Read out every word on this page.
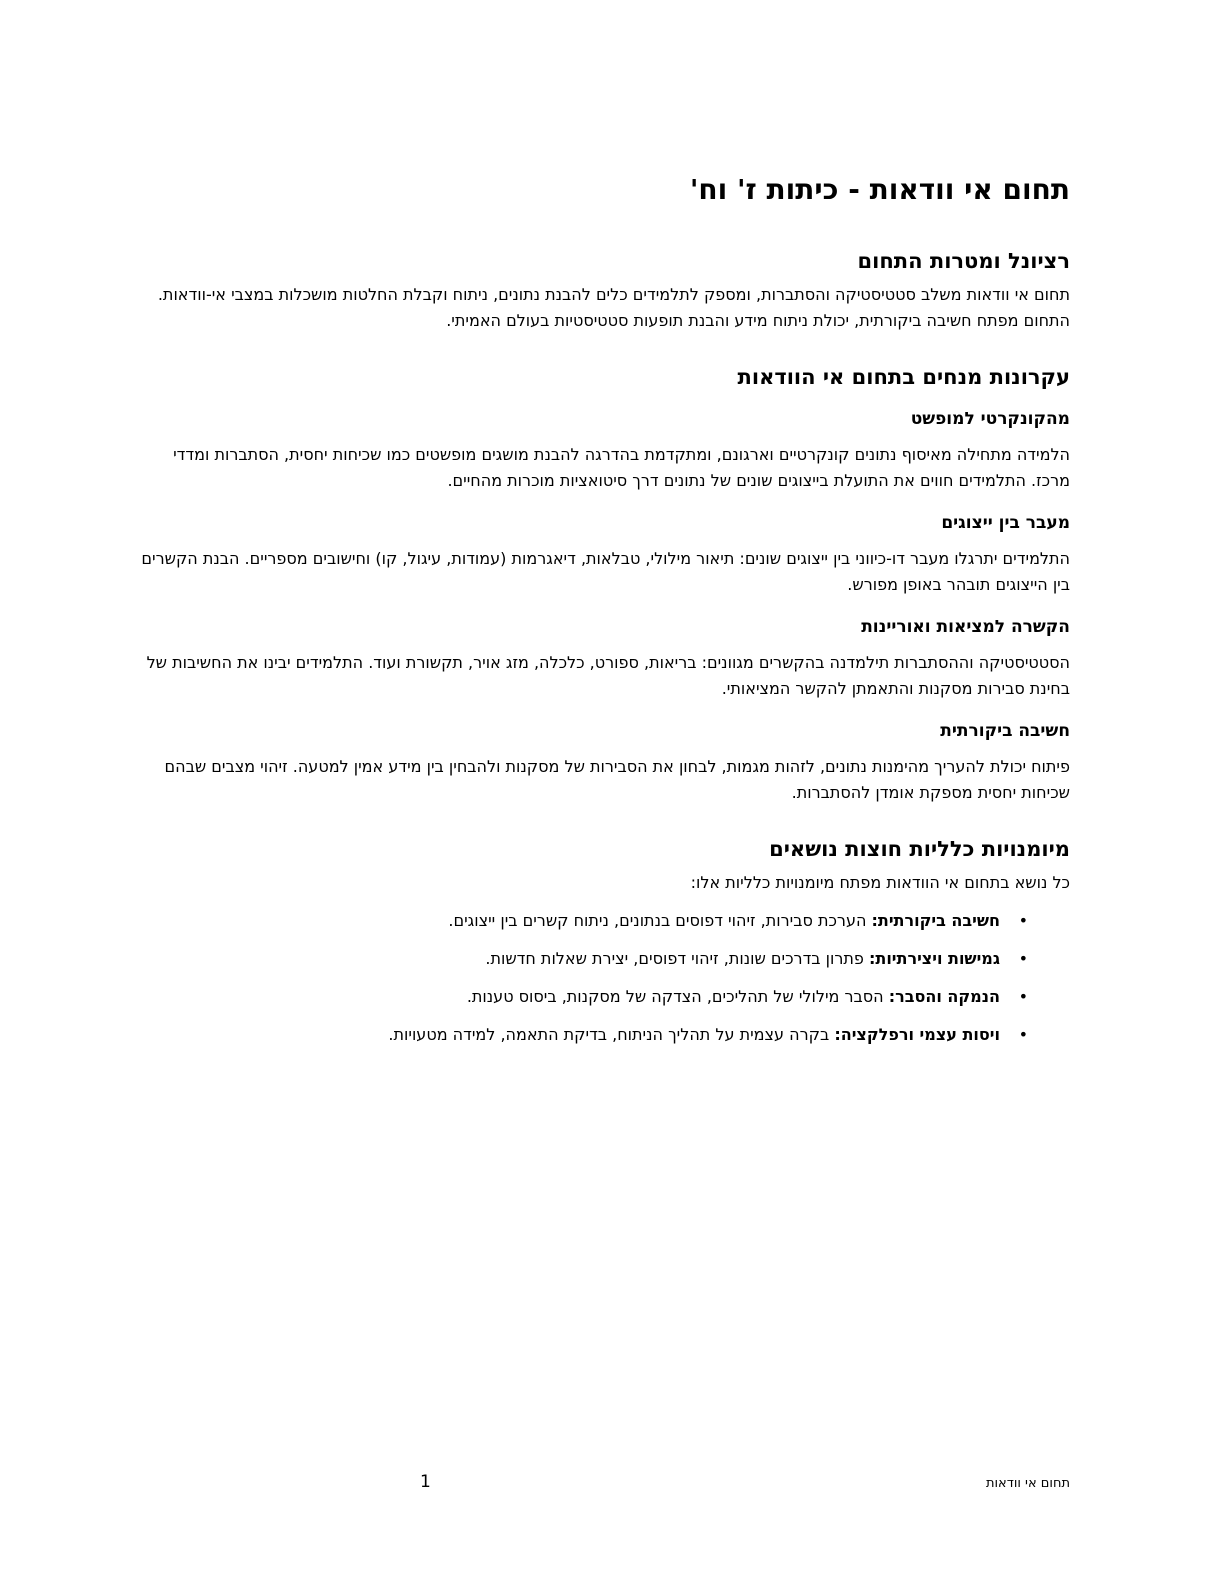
תחום אי וודאות - כיתות ז' וח'
רציונל ומטרות התחום

תחום אי וודאות משלב סטטיסטיקה והסתברות, ומספק לתלמידים כלים להבנת נתונים, ניתוח וקבלת החלטות מושכלות במצבי אי-וודאות. התחום מפתח חשיבה ביקורתית, יכולת ניתוח מידע והבנת תופעות סטטיסטיות בעולם האמיתי.

עקרונות מנחים בתחום אי הוודאות
מהקונקרטי למופשט

הלמידה מתחילה מאיסוף נתונים קונקרטיים וארגונם, ומתקדמת בהדרגה להבנת מושגים מופשטים כמו שכיחות יחסית, הסתברות ומדדי מרכז. התלמידים חווים את התועלת בייצוגים שונים של נתונים דרך סיטואציות מוכרות מהחיים.

מעבר בין ייצוגים

התלמידים יתרגלו מעבר דו-כיווני בין ייצוגים שונים: תיאור מילולי, טבלאות, דיאגרמות (עמודות, עיגול, קו) וחישובים מספריים. הבנת הקשרים בין הייצוגים תובהר באופן מפורש.

הקשרה למציאות ואוריינות

הסטטיסטיקה וההסתברות תילמדנה בהקשרים מגוונים: בריאות, ספורט, כלכלה, מזג אויר, תקשורת ועוד. התלמידים יבינו את החשיבות של בחינת סבירות מסקנות והתאמתן להקשר המציאותי.

חשיבה ביקורתית

פיתוח יכולת להעריך מהימנות נתונים, לזהות מגמות, לבחון את הסבירות של מסקנות ולהבחין בין מידע אמין למטעה. זיהוי מצבים שבהם שכיחות יחסית מספקת אומדן להסתברות.

מיומנויות כלליות חוצות נושאים

כל נושא בתחום אי הוודאות מפתח מיומנויות כלליות אלו:

•
חשיבה ביקורתית: הערכת סבירות, זיהוי דפוסים בנתונים, ניתוח קשרים בין ייצוגים.
•
גמישות ויצירתיות: פתרון בדרכים שונות, זיהוי דפוסים, יצירת שאלות חדשות.
•
הנמקה והסבר: הסבר מילולי של תהליכים, הצדקה של מסקנות, ביסוס טענות.
•
ויסות עצמי ורפלקציה: בקרה עצמית על תהליך הניתוח, בדיקת התאמה, למידה מטעויות.
תחום אי וודאות
1
